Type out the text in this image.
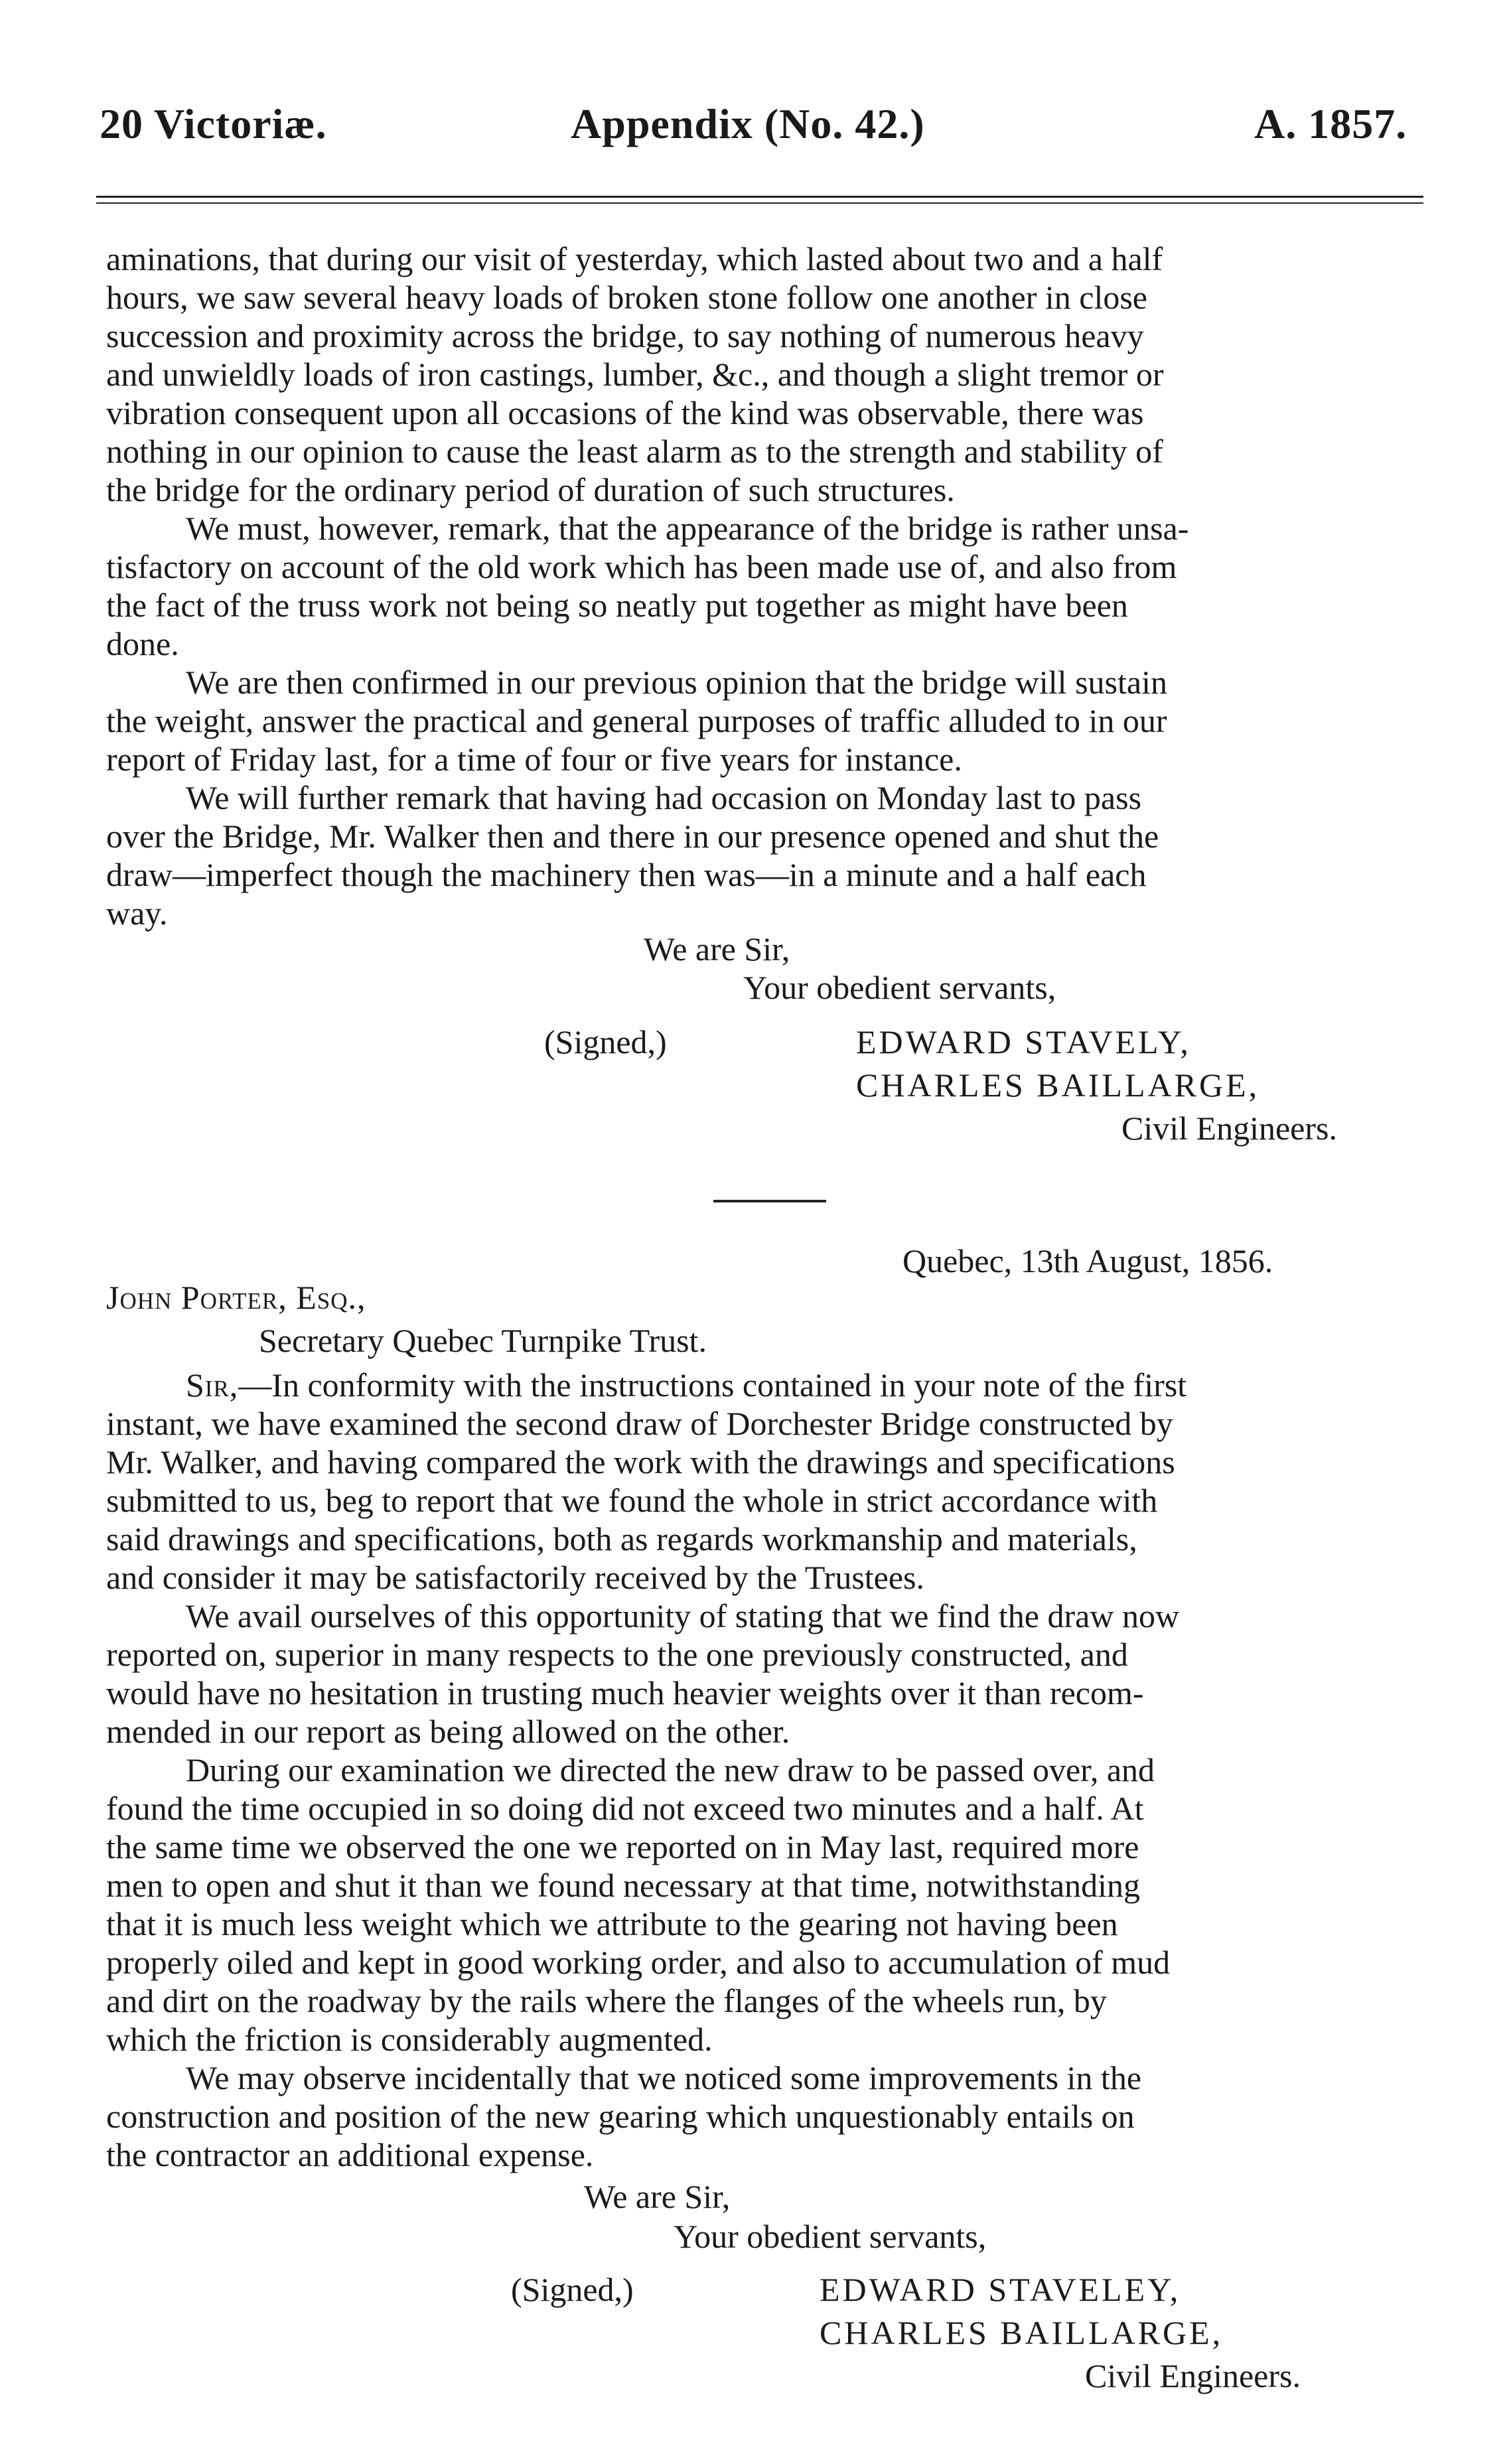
20 Victoriæ.	Appendix (No. 42.)	A. 1857.
aminations, that during our visit of yesterday, which lasted about two and a half
hours, we saw several heavy loads of broken stone follow one another in close
succession and proximity across the bridge, to say nothing of numerous heavy
and unwieldly loads of iron castings, lumber, &c., and though a slight tremor or
vibration consequent upon all occasions of the kind was observable, there was
nothing in our opinion to cause the least alarm as to the strength and stability of
the bridge for the ordinary period of duration of such structures.
We must, however, remark, that the appearance of the bridge is rather unsa-
tisfactory on account of the old work which has been made use of, and also from
the fact of the truss work not being so neatly put together as might have been
done.
We are then confirmed in our previous opinion that the bridge will sustain
the weight, answer the practical and general purposes of traffic alluded to in our
report of Friday last, for a time of four or five years for instance.
We will further remark that having had occasion on Monday last to pass
over the Bridge, Mr. Walker then and there in our presence opened and shut the
draw—imperfect though the machinery then was—in a minute and a half each
way.
We are Sir,
Your obedient servants,
(Signed,)	EDWARD STAVELY,
CHARLES BAILLARGE,
Civil Engineers.
Quebec, 13th August, 1856.
John Porter, Esq.,
Secretary Quebec Turnpike Trust.
Sir,—In conformity with the instructions contained in your note of the first
instant, we have examined the second draw of Dorchester Bridge constructed by
Mr. Walker, and having compared the work with the drawings and specifications
submitted to us, beg to report that we found the whole in strict accordance with
said drawings and specifications, both as regards workmanship and materials,
and consider it may be satisfactorily received by the Trustees.
We avail ourselves of this opportunity of stating that we find the draw now
reported on, superior in many respects to the one previously constructed, and
would have no hesitation in trusting much heavier weights over it than recom-
mended in our report as being allowed on the other.
During our examination we directed the new draw to be passed over, and
found the time occupied in so doing did not exceed two minutes and a half. At
the same time we observed the one we reported on in May last, required more
men to open and shut it than we found necessary at that time, notwithstanding
that it is much less weight which we attribute to the gearing not having been
properly oiled and kept in good working order, and also to accumulation of mud
and dirt on the roadway by the rails where the flanges of the wheels run, by
which the friction is considerably augmented.
We may observe incidentally that we noticed some improvements in the
construction and position of the new gearing which unquestionably entails on
the contractor an additional expense.
We are Sir,
Your obedient servants,
(Signed,)	EDWARD STAVELEY,
CHARLES BAILLARGE,
Civil Engineers.
